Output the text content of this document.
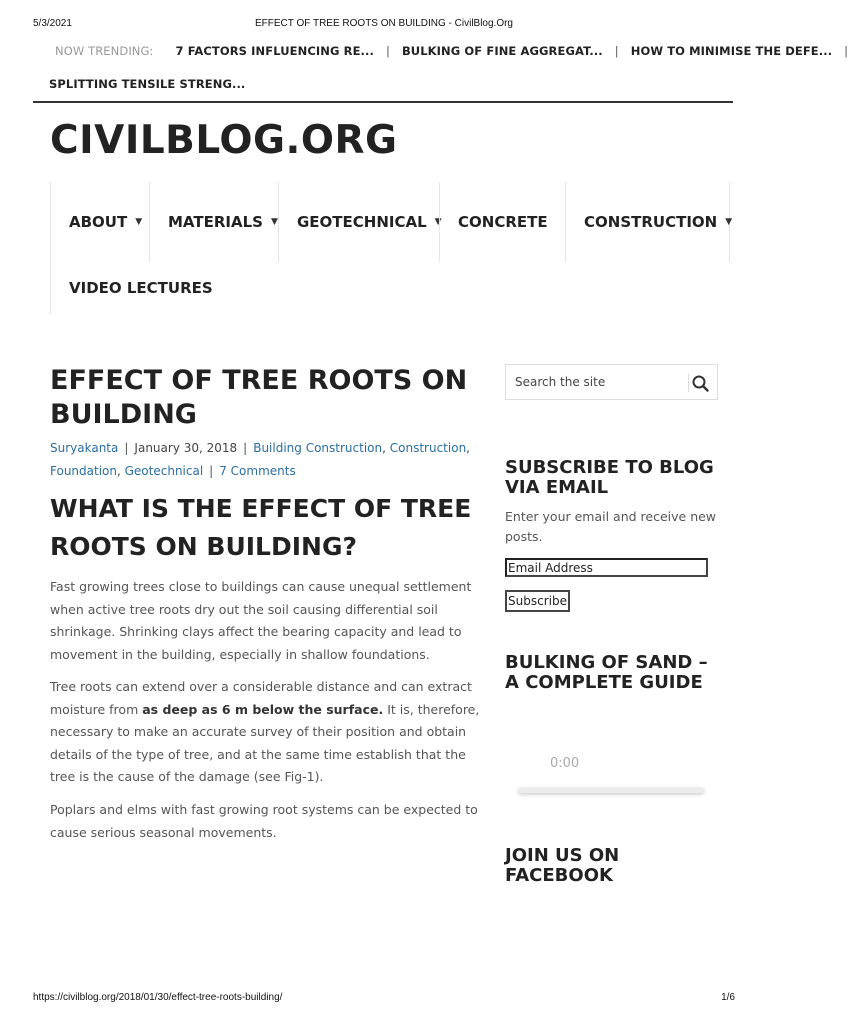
5/3/2021	EFFECT OF TREE ROOTS ON BUILDING - CivilBlog.Org
NOW TRENDING: 7 FACTORS INFLUENCING RE... | BULKING OF FINE AGGREGAT... | HOW TO MINIMISE THE DEFE... |
SPLITTING TENSILE STRENG...
CIVILBLOG.ORG
ABOUT ▼ MATERIALS ▼ GEOTECHNICAL ▼ CONCRETE CONSTRUCTION ▼
VIDEO LECTURES
EFFECT OF TREE ROOTS ON BUILDING
Suryakanta | January 30, 2018 | Building Construction, Construction,
Foundation, Geotechnical | 7 Comments
WHAT IS THE EFFECT OF TREE ROOTS ON BUILDING?

Fast growing trees close to buildings can cause unequal settlement when active tree roots dry out the soil causing differential soil shrinkage. Shrinking clays affect the bearing capacity and lead to movement in the building, especially in shallow foundations.

Tree roots can extend over a considerable distance and can extract moisture from as deep as 6 m below the surface. It is, therefore, necessary to make an accurate survey of their position and obtain details of the type of tree, and at the same time establish that the tree is the cause of the damage (see Fig-1).

Poplars and elms with fast growing root systems can be expected to cause serious seasonal movements.

Search the site
SUBSCRIBE TO BLOG VIA EMAIL
Enter your email and receive new posts.
Email Address
Subscribe
BULKING OF SAND – A COMPLETE GUIDE
0:00
JOIN US ON FACEBOOK
https://civilblog.org/2018/01/30/effect-tree-roots-building/	1/6
